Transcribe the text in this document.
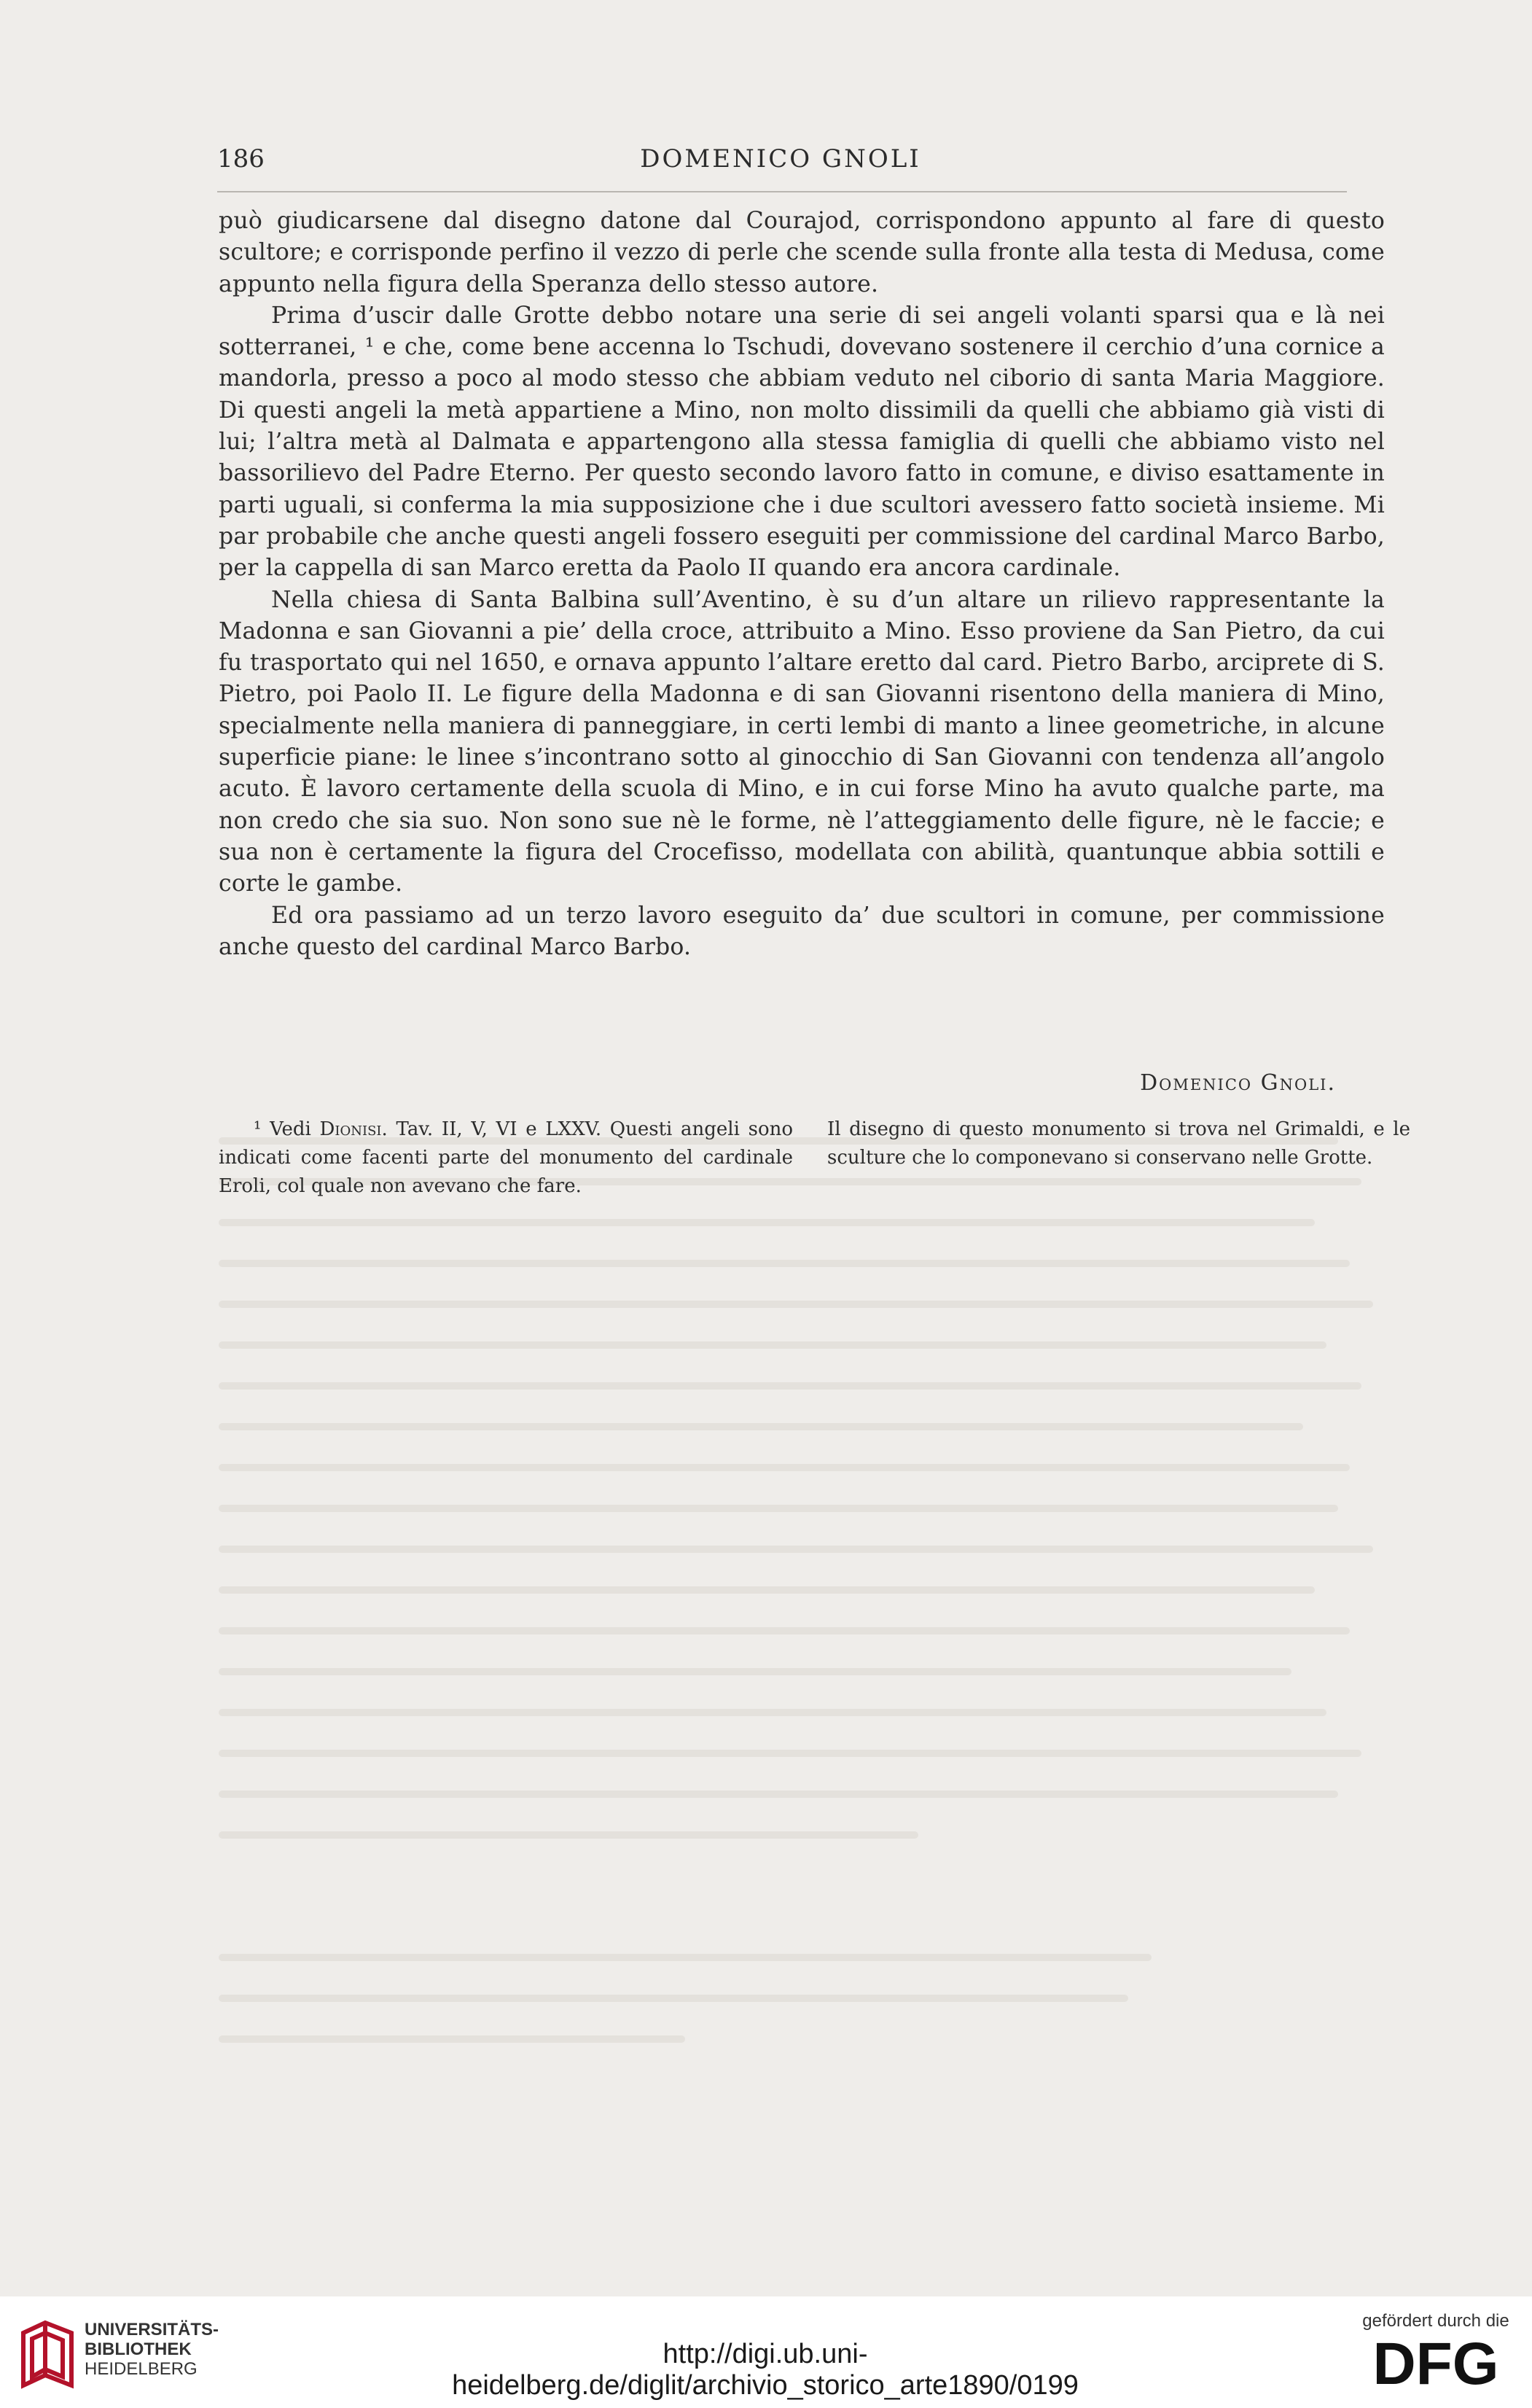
186	DOMENICO GNOLI

può giudicarsene dal disegno datone dal Courajod, corrispondono appunto al fare di questo scultore; e corrisponde perfino il vezzo di perle che scende sulla fronte alla testa di Medusa, come appunto nella figura della Speranza dello stesso autore.

Prima d’uscir dalle Grotte debbo notare una serie di sei angeli volanti sparsi qua e là nei sotterranei, ¹ e che, come bene accenna lo Tschudi, dovevano sostenere il cerchio d’una cornice a mandorla, presso a poco al modo stesso che abbiam veduto nel ciborio di santa Maria Maggiore. Di questi angeli la metà appartiene a Mino, non molto dissimili da quelli che abbiamo già visti di lui; l’altra metà al Dalmata e appartengono alla stessa famiglia di quelli che abbiamo visto nel bassorilievo del Padre Eterno. Per questo secondo lavoro fatto in comune, e diviso esattamente in parti uguali, si conferma la mia supposizione che i due scultori avessero fatto società insieme. Mi par probabile che anche questi angeli fossero eseguiti per commissione del cardinal Marco Barbo, per la cappella di san Marco eretta da Paolo II quando era ancora cardinale.

Nella chiesa di Santa Balbina sull’Aventino, è su d’un altare un rilievo rappresentante la Madonna e san Giovanni a pie’ della croce, attribuito a Mino. Esso proviene da San Pietro, da cui fu trasportato qui nel 1650, e ornava appunto l’altare eretto dal card. Pietro Barbo, arciprete di S. Pietro, poi Paolo II. Le figure della Madonna e di san Giovanni risentono della maniera di Mino, specialmente nella maniera di panneggiare, in certi lembi di manto a linee geometriche, in alcune superficie piane: le linee s’incontrano sotto al ginocchio di San Giovanni con tendenza all’angolo acuto. È lavoro certamente della scuola di Mino, e in cui forse Mino ha avuto qualche parte, ma non credo che sia suo. Non sono sue nè le forme, nè l’atteggiamento delle figure, nè le faccie; e sua non è certamente la figura del Crocefisso, modellata con abilità, quantunque abbia sottili e corte le gambe.

Ed ora passiamo ad un terzo lavoro eseguito da’ due scultori in comune, per commissione anche questo del cardinal Marco Barbo.

Domenico Gnoli.

¹ Vedi Dionisi. Tav. II, V, VI e LXXV. Questi angeli sono indicati come facenti parte del monumento del cardinale Eroli, col quale non avevano che fare.

Il disegno di questo monumento si trova nel Grimaldi, e le sculture che lo componevano si conservano nelle Grotte.

UNIVERSITÄTS-
BIBLIOTHEK
HEIDELBERG	http://digi.ub.uni-heidelberg.de/diglit/archivio_storico_arte1890/0199
gefördert durch die
DFG
